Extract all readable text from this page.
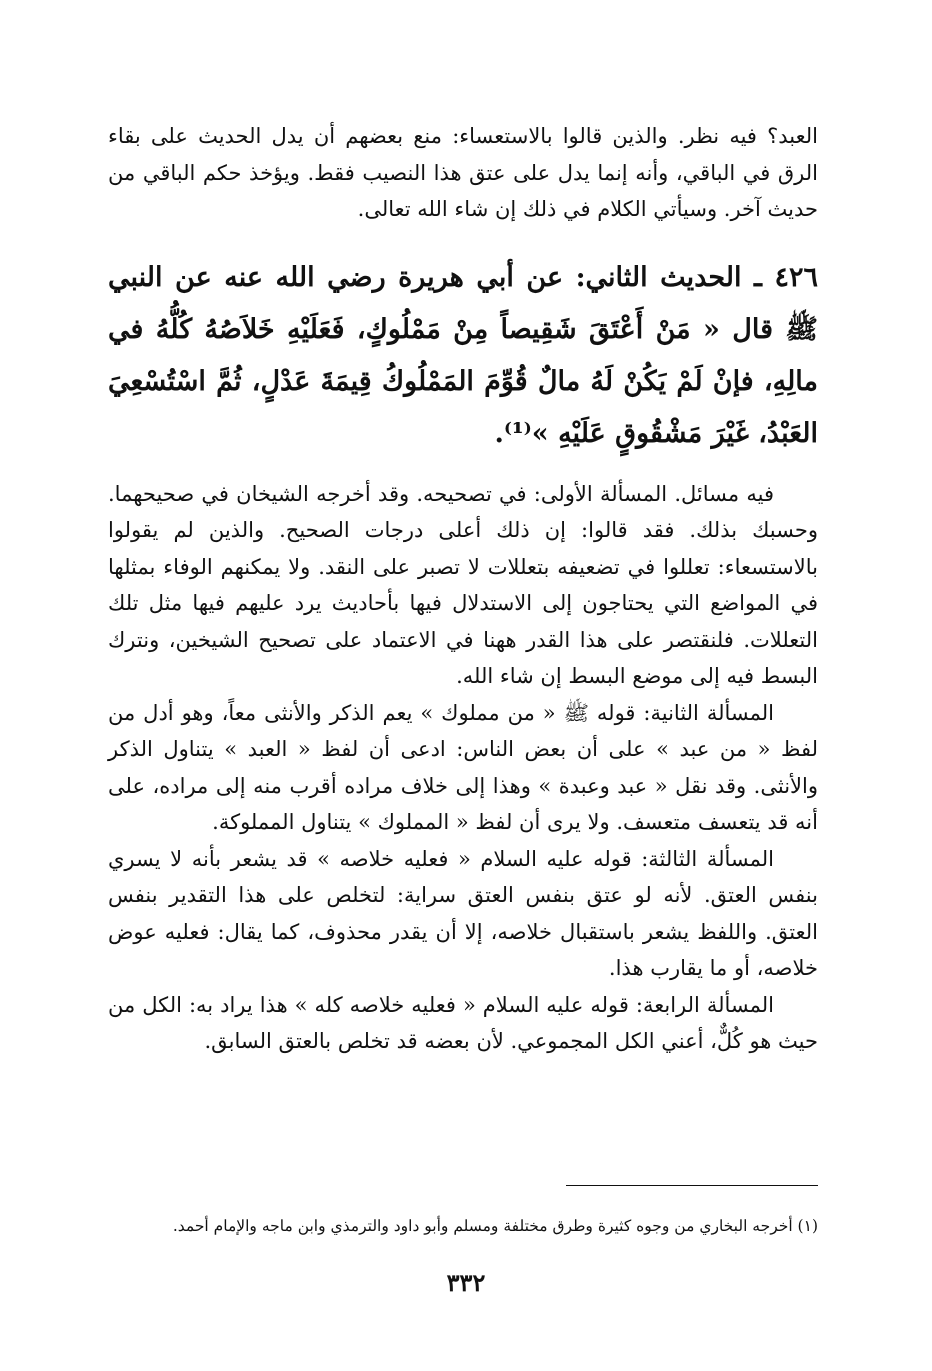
العبد؟ فيه نظر. والذين قالوا بالاستعساء: منع بعضهم أن يدل الحديث على بقاء الرق في الباقي، وأنه إنما يدل على عتق هذا النصيب فقط. ويؤخذ حكم الباقي من حديث آخر. وسيأتي الكلام في ذلك إن شاء الله تعالى.

٤٢٦ ـ الحديث الثاني: عن أبي هريرة رضي الله عنه عن النبي ﷺ قال « مَنْ أَعْتَقَ شَقِيصاً مِنْ مَمْلُوكٍ، فَعَلَيْهِ خَلاَصُهُ كُلُّهُ في مالِهِ، فإنْ لَمْ يَكُنْ لَهُ مالٌ قُوِّمَ المَمْلُوكُ قِيمَةَ عَدْلٍ، ثُمَّ اسْتُسْعِيَ العَبْدُ، غَيْرَ مَشْقُوقٍ عَلَيْهِ »⁽¹⁾.

فيه مسائل. المسألة الأولى: في تصحيحه. وقد أخرجه الشيخان في صحيحهما. وحسبك بذلك. فقد قالوا: إن ذلك أعلى درجات الصحيح. والذين لم يقولوا بالاستسعاء: تعللوا في تضعيفه بتعللات لا تصبر على النقد. ولا يمكنهم الوفاء بمثلها في المواضع التي يحتاجون إلى الاستدلال فيها بأحاديث يرد عليهم فيها مثل تلك التعللات. فلنقتصر على هذا القدر ههنا في الاعتماد على تصحيح الشيخين، ونترك البسط فيه إلى موضع البسط إن شاء الله.

المسألة الثانية: قوله ﷺ « من مملوك » يعم الذكر والأنثى معاً، وهو أدل من لفظ « من عبد » على أن بعض الناس: ادعى أن لفظ « العبد » يتناول الذكر والأنثى. وقد نقل « عبد وعبدة » وهذا إلى خلاف مراده أقرب منه إلى مراده، على أنه قد يتعسف متعسف. ولا يرى أن لفظ « المملوك » يتناول المملوكة.

المسألة الثالثة: قوله عليه السلام « فعليه خلاصه » قد يشعر بأنه لا يسري بنفس العتق. لأنه لو عتق بنفس العتق سراية: لتخلص على هذا التقدير بنفس العتق. واللفظ يشعر باستقبال خلاصه، إلا أن يقدر محذوف، كما يقال: فعليه عوض خلاصه، أو ما يقارب هذا.

المسألة الرابعة: قوله عليه السلام « فعليه خلاصه كله » هذا يراد به: الكل من حيث هو كُلٌّ، أعني الكل المجموعي. لأن بعضه قد تخلص بالعتق السابق.

(١) أخرجه البخاري من وجوه كثيرة وطرق مختلفة ومسلم وأبو داود والترمذي وابن ماجه والإمام أحمد.
٣٣٢
